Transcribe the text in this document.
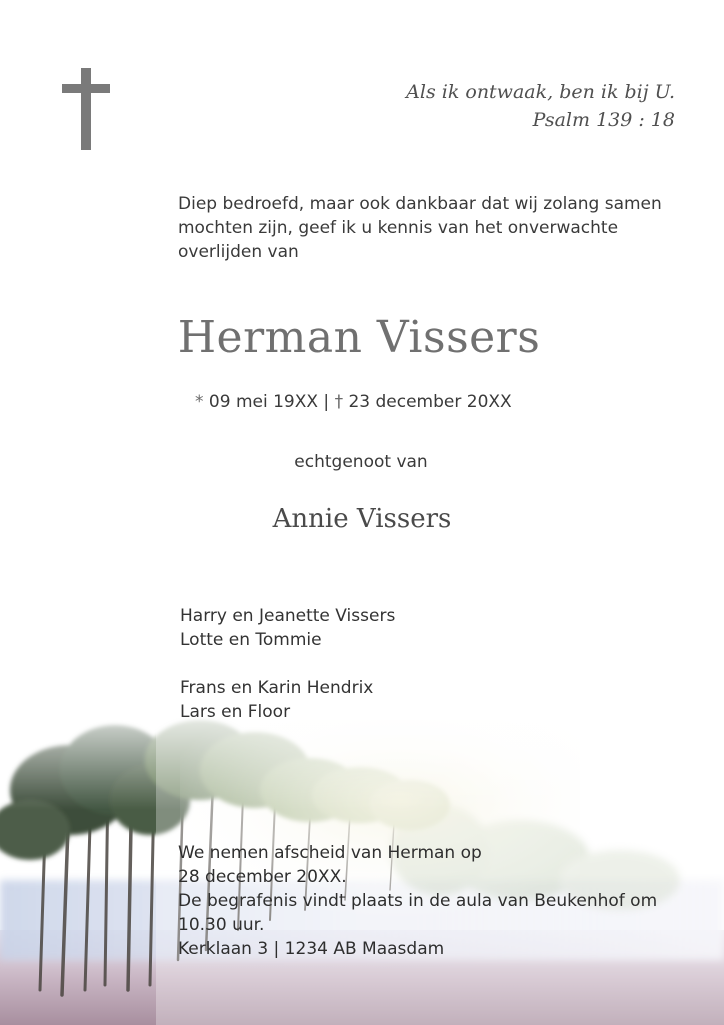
Als ik ontwaak, ben ik bij U.
Psalm 139 : 18
Diep bedroefd, maar ook dankbaar dat wij zolang samen mochten zijn, geef ik u kennis van het onverwachte overlijden van
Herman Vissers
* 09 mei 19XX | † 23 december 20XX
echtgenoot van
Annie Vissers
Harry en Jeanette Vissers
Lotte en Tommie
Frans en Karin Hendrix
Lars en Floor
We nemen afscheid van Herman op
28 december 20XX.
De begrafenis vindt plaats in de aula van Beukenhof om
10.30 uur.
Kerklaan 3 | 1234 AB Maasdam
